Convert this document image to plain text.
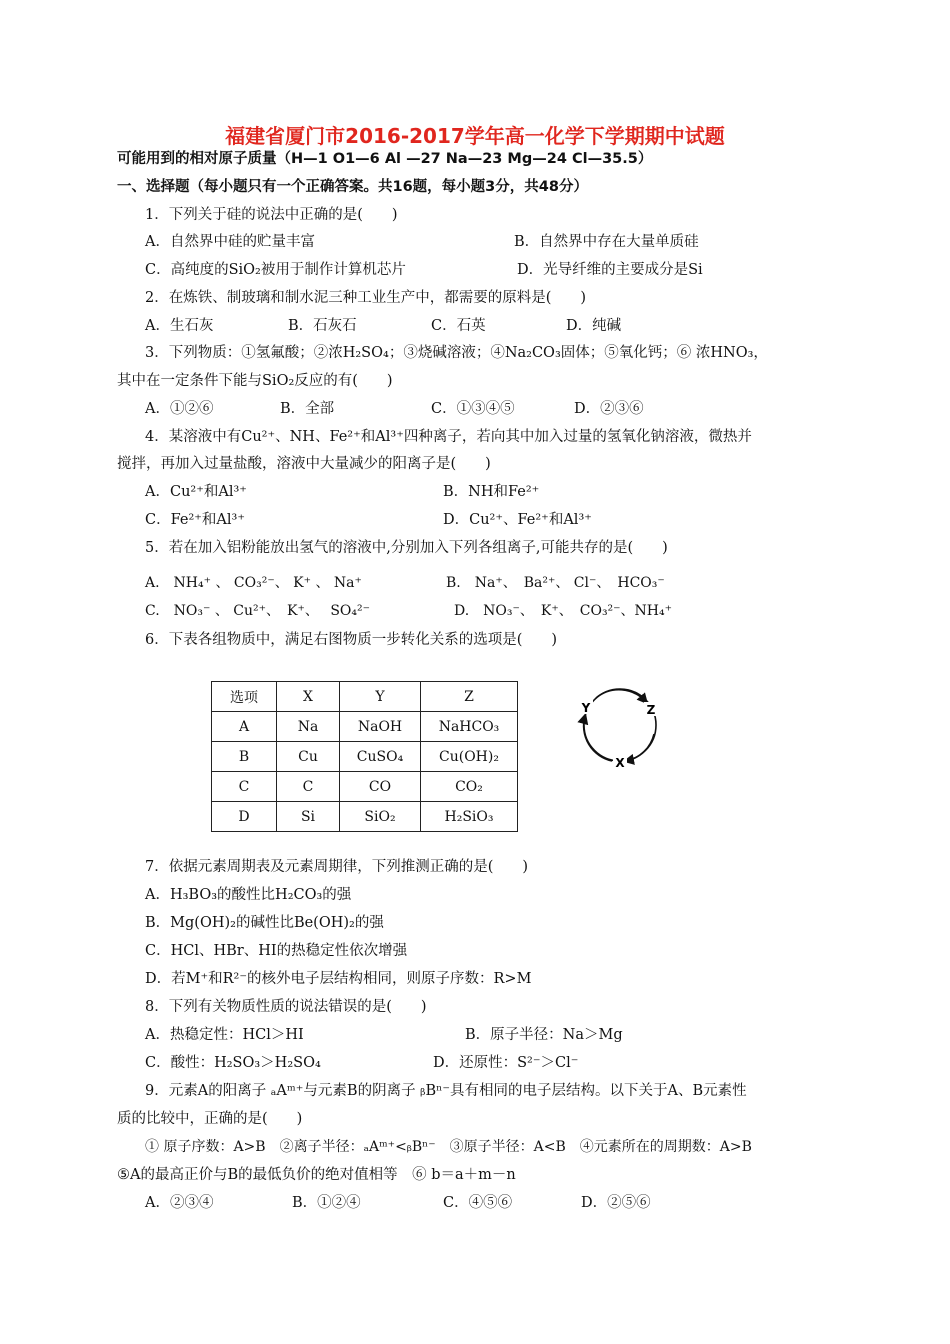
福建省厦门市2016-2017学年高一化学下学期期中试题
可能用到的相对原子质量（H—1 O1—6 Al —27 Na—23 Mg—24 Cl—35.5）
一、选择题（每小题只有一个正确答案。共16题，每小题3分，共48分）
1．下列关于硅的说法中正确的是(　　)
A．自然界中硅的贮量丰富	B．自然界中存在大量单质硅
C．高纯度的SiO₂被用于制作计算机芯片	D．光导纤维的主要成分是Si
2．在炼铁、制玻璃和制水泥三种工业生产中，都需要的原料是(　　)
A．生石灰	B．石灰石	C．石英	D．纯碱
3．下列物质：①氢氟酸；②浓H₂SO₄；③烧碱溶液；④Na₂CO₃固体；⑤氧化钙；⑥ 浓HNO₃，
其中在一定条件下能与SiO₂反应的有(　　)
A．①②⑥	B．全部	C．①③④⑤	D．②③⑥
4．某溶液中有Cu²⁺、NH、Fe²⁺和Al³⁺四种离子，若向其中加入过量的氢氧化钠溶液，微热并
搅拌，再加入过量盐酸，溶液中大量减少的阳离子是(　　)
A．Cu²⁺和Al³⁺	B．NH和Fe²⁺
C．Fe²⁺和Al³⁺	D．Cu²⁺、Fe²⁺和Al³⁺
5．若在加入铝粉能放出氢气的溶液中,分别加入下列各组离子,可能共存的是(　　)
A.　NH₄⁺ 、 CO₃²⁻、 K⁺ 、 Na⁺	B.　Na⁺、　Ba²⁺、 Cl⁻、　HCO₃⁻
C.　NO₃⁻ 、 Cu²⁺、　K⁺、　 SO₄²⁻	D.　NO₃⁻、　K⁺、　CO₃²⁻、NH₄⁺
6．下表各组物质中，满足右图物质一步转化关系的选项是(　　)
选项	X	Y	Z
A	Na	NaOH	NaHCO₃
B	Cu	CuSO₄	Cu(OH)₂
C	C	CO	CO₂
D	Si	SiO₂	H₂SiO₃
Y	Z
X
7．依据元素周期表及元素周期律，下列推测正确的是(　　)
A．H₃BO₃的酸性比H₂CO₃的强
B．Mg(OH)₂的碱性比Be(OH)₂的强
C．HCl、HBr、HI的热稳定性依次增强
D．若M⁺和R²⁻的核外电子层结构相同，则原子序数：R>M
8．下列有关物质性质的说法错误的是(　　)
A．热稳定性：HCl＞HI	B．原子半径：Na＞Mg
C．酸性：H₂SO₃＞H₂SO₄	D．还原性：S²⁻＞Cl⁻
9．元素A的阳离子 ₐAᵐ⁺与元素B的阴离子 ᵦBⁿ⁻具有相同的电子层结构。以下关于A、B元素性
质的比较中，正确的是(　　)
① 原子序数：A>B　②离子半径：ₐAᵐ⁺<ᵦBⁿ⁻　③原子半径：A<B　④元素所在的周期数：A>B
⑤A的最高正价与B的最低负价的绝对值相等　⑥ b＝a＋m－n
A．②③④	B．①②④	C．④⑤⑥	D．②⑤⑥
